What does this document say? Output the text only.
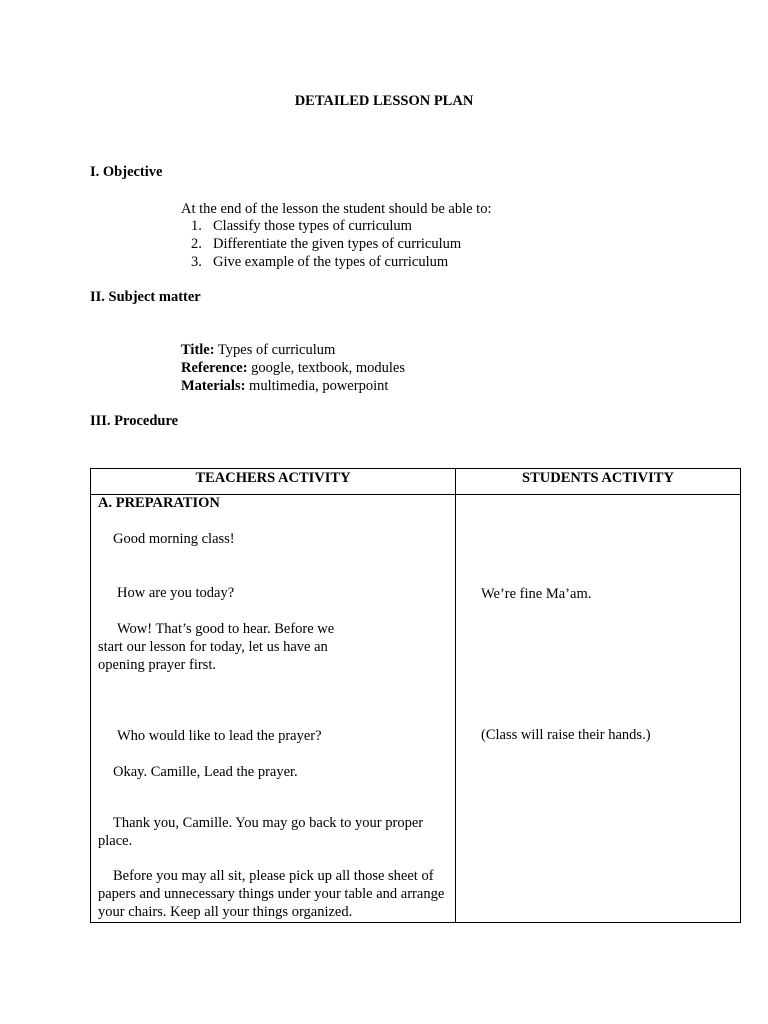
DETAILED LESSON PLAN
I. Objective
At the end of the lesson the student should be able to:
1. Classify those types of curriculum
2. Differentiate the given types of curriculum
3. Give example of the types of curriculum
II. Subject matter
Title: Types of curriculum
Reference: google, textbook, modules
Materials: multimedia, powerpoint
III. Procedure
TEACHERS ACTIVITY	STUDENTS ACTIVITY
A. PREPARATION
Good morning class!
How are you today?
Wow! That’s good to hear. Before we start our lesson for today, let us have an opening prayer first.
Who would like to lead the prayer?
Okay. Camille, Lead the prayer.
Thank you, Camille. You may go back to your proper place.
Before you may all sit, please pick up all those sheet of papers and unnecessary things under your table and arrange your chairs. Keep all your things organized.
We’re fine Ma’am.
(Class will raise their hands.)
